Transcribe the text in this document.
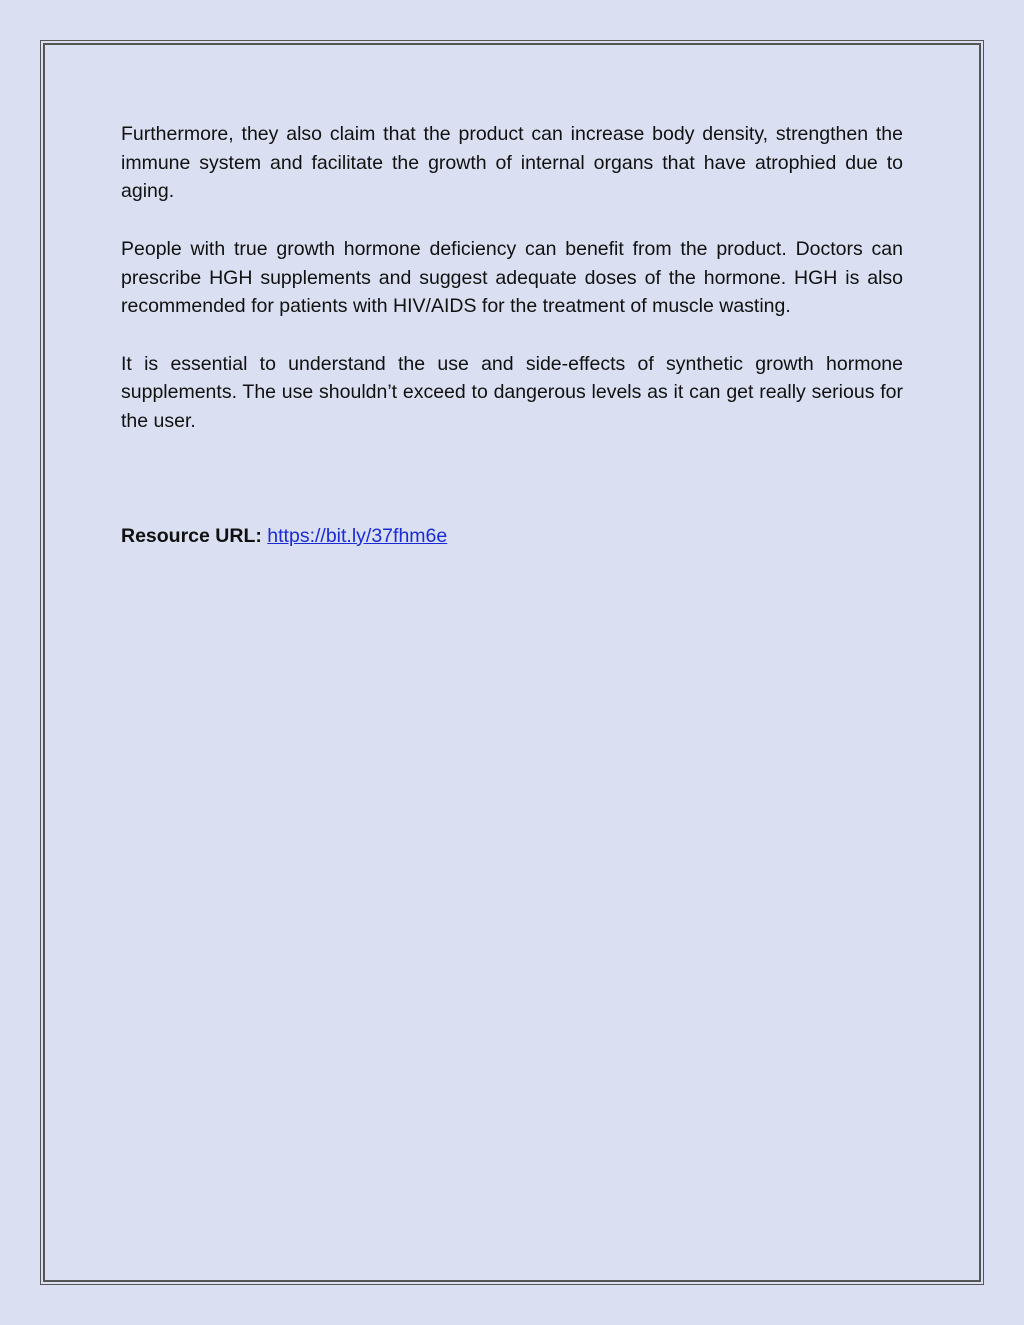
Furthermore, they also claim that the product can increase body density, strengthen the immune system and facilitate the growth of internal organs that have atrophied due to aging.

People with true growth hormone deficiency can benefit from the product. Doctors can prescribe HGH supplements and suggest adequate doses of the hormone. HGH is also recommended for patients with HIV/AIDS for the treatment of muscle wasting.

It is essential to understand the use and side-effects of synthetic growth hormone supplements. The use shouldn’t exceed to dangerous levels as it can get really serious for the user.

Resource URL: https://bit.ly/37fhm6e
